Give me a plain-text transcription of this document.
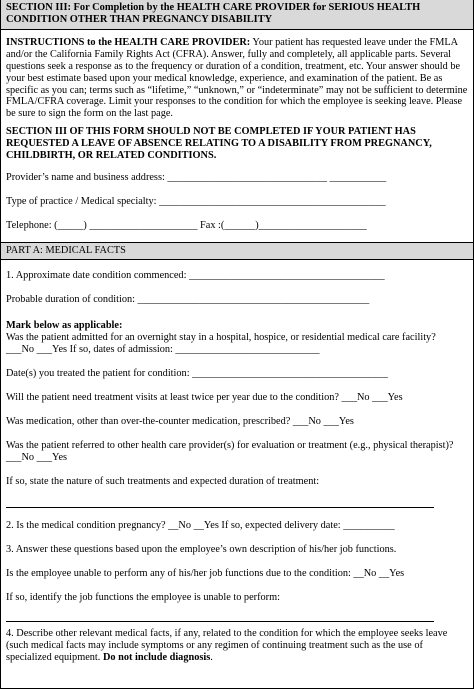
SECTION III: For Completion by the HEALTH CARE PROVIDER for SERIOUS HEALTH CONDITION OTHER THAN PREGNANCY DISABILITY

INSTRUCTIONS to the HEALTH CARE PROVIDER: Your patient has requested leave under the FMLA and/or the California Family Rights Act (CFRA). Answer, fully and completely, all applicable parts. Several questions seek a response as to the frequency or duration of a condition, treatment, etc. Your answer should be your best estimate based upon your medical knowledge, experience, and examination of the patient. Be as specific as you can; terms such as “lifetime,” “unknown,” or “indeterminate” may not be sufficient to determine FMLA/CFRA coverage. Limit your responses to the condition for which the employee is seeking leave. Please be sure to sign the form on the last page.

SECTION III OF THIS FORM SHOULD NOT BE COMPLETED IF YOUR PATIENT HAS REQUESTED A LEAVE OF ABSENCE RELATING TO A DISABILITY FROM PREGNANCY, CHILDBIRTH, OR RELATED CONDITIONS.

Provider’s name and business address: _______________________________ ___________

Type of practice / Medical specialty: ____________________________________________

Telephone: (_____) _____________________ Fax :(______)_____________________

PART A: MEDICAL FACTS

1. Approximate date condition commenced: ______________________________________

Probable duration of condition: _____________________________________________

Mark below as applicable:

Was the patient admitted for an overnight stay in a hospital, hospice, or residential medical care facility?

___No ___Yes If so, dates of admission: ____________________________

Date(s) you treated the patient for condition: ______________________________________

Will the patient need treatment visits at least twice per year due to the condition? ___No ___Yes

Was medication, other than over-the-counter medication, prescribed? ___No ___Yes

Was the patient referred to other health care provider(s) for evaluation or treatment (e.g., physical therapist)?

___No ___Yes

If so, state the nature of such treatments and expected duration of treatment:

2. Is the medical condition pregnancy? __No __Yes If so, expected delivery date: __________

3. Answer these questions based upon the employee’s own description of his/her job functions.

Is the employee unable to perform any of his/her job functions due to the condition: __No __Yes

If so, identify the job functions the employee is unable to perform:

4. Describe other relevant medical facts, if any, related to the condition for which the employee seeks leave (such medical facts may include symptoms or any regimen of continuing treatment such as the use of specialized equipment. Do not include diagnosis.
